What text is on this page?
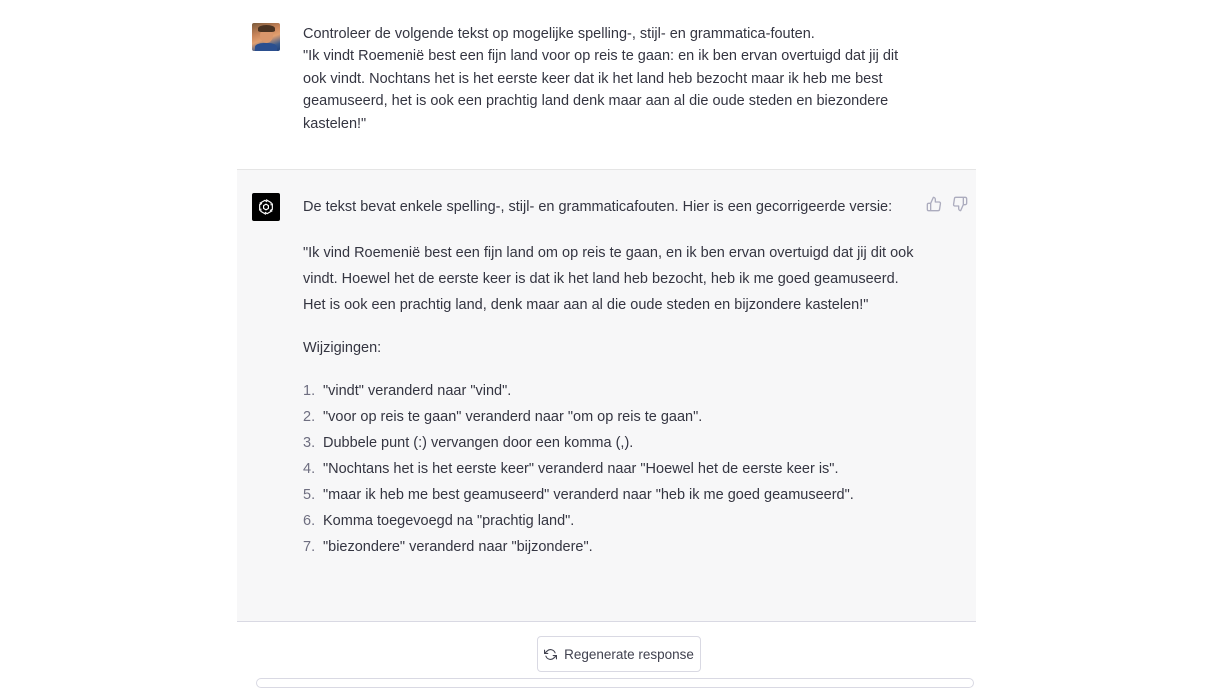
Controleer de volgende tekst op mogelijke spelling-, stijl- en grammatica-fouten.

"Ik vindt Roemenië best een fijn land voor op reis te gaan: en ik ben ervan overtuigd dat jij dit ook vindt. Nochtans het is het eerste keer dat ik het land heb bezocht maar ik heb me best geamuseerd, het is ook een prachtig land denk maar aan al die oude steden en biezondere kastelen!"

De tekst bevat enkele spelling-, stijl- en grammaticafouten. Hier is een gecorrigeerde versie:

"Ik vind Roemenië best een fijn land om op reis te gaan, en ik ben ervan overtuigd dat jij dit ook vindt. Hoewel het de eerste keer is dat ik het land heb bezocht, heb ik me goed geamuseerd. Het is ook een prachtig land, denk maar aan al die oude steden en bijzondere kastelen!"

Wijzigingen:

1. "vindt" veranderd naar "vind".
2. "voor op reis te gaan" veranderd naar "om op reis te gaan".
3. Dubbele punt (:) vervangen door een komma (,).
4. "Nochtans het is het eerste keer" veranderd naar "Hoewel het de eerste keer is".
5. "maar ik heb me best geamuseerd" veranderd naar "heb ik me goed geamuseerd".
6. Komma toegevoegd na "prachtig land".
7. "biezondere" veranderd naar "bijzondere".
Regenerate response
